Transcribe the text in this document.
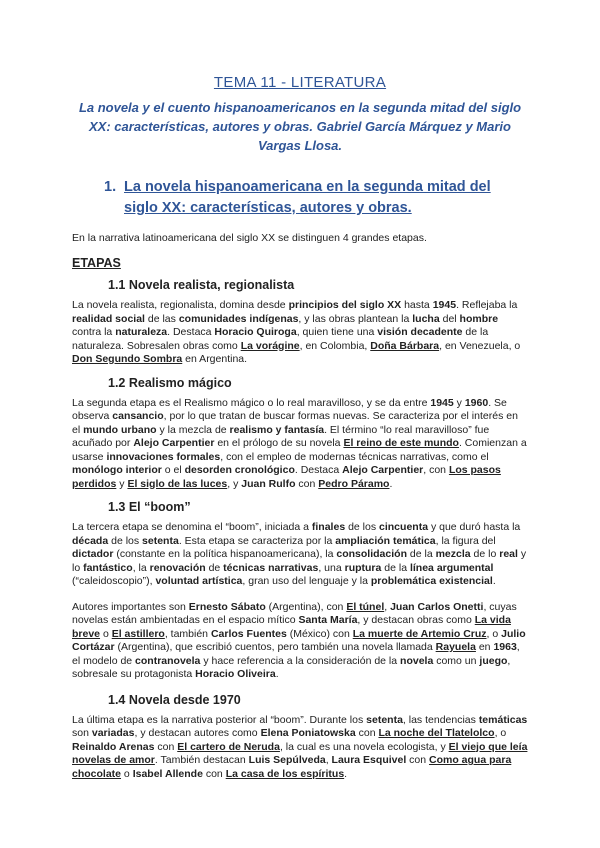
TEMA 11 - LITERATURA

La novela y el cuento hispanoamericanos en la segunda mitad del siglo XX: características, autores y obras. Gabriel García Márquez y Mario Vargas Llosa.

1. La novela hispanoamericana en la segunda mitad del siglo XX: características, autores y obras.

En la narrativa latinoamericana del siglo XX se distinguen 4 grandes etapas.

ETAPAS

1.1 Novela realista, regionalista

La novela realista, regionalista, domina desde principios del siglo XX hasta 1945. Reflejaba la realidad social de las comunidades indígenas, y las obras plantean la lucha del hombre contra la naturaleza. Destaca Horacio Quiroga, quien tiene una visión decadente de la naturaleza. Sobresalen obras como La vorágine, en Colombia, Doña Bárbara, en Venezuela, o Don Segundo Sombra en Argentina.

1.2 Realismo mágico

La segunda etapa es el Realismo mágico o lo real maravilloso, y se da entre 1945 y 1960. Se observa cansancio, por lo que tratan de buscar formas nuevas. Se caracteriza por el interés en el mundo urbano y la mezcla de realismo y fantasía. El término “lo real maravilloso” fue acuñado por Alejo Carpentier en el prólogo de su novela El reino de este mundo. Comienzan a usarse innovaciones formales, con el empleo de modernas técnicas narrativas, como el monólogo interior o el desorden cronológico. Destaca Alejo Carpentier, con Los pasos perdidos y El siglo de las luces, y Juan Rulfo con Pedro Páramo.

1.3 El “boom”

La tercera etapa se denomina el “boom”, iniciada a finales de los cincuenta y que duró hasta la década de los setenta. Esta etapa se caracteriza por la ampliación temática, la figura del dictador (constante en la política hispanoamericana), la consolidación de la mezcla de lo real y lo fantástico, la renovación de técnicas narrativas, una ruptura de la línea argumental (“caleidoscopio”), voluntad artística, gran uso del lenguaje y la problemática existencial.

Autores importantes son Ernesto Sábato (Argentina), con El túnel, Juan Carlos Onetti, cuyas novelas están ambientadas en el espacio mítico Santa María, y destacan obras como La vida breve o El astillero, también Carlos Fuentes (México) con La muerte de Artemio Cruz, o Julio Cortázar (Argentina), que escribió cuentos, pero también una novela llamada Rayuela en 1963, el modelo de contranovela y hace referencia a la consideración de la novela como un juego, sobresale su protagonista Horacio Oliveira.

1.4 Novela desde 1970

La última etapa es la narrativa posterior al “boom”. Durante los setenta, las tendencias temáticas son variadas, y destacan autores como Elena Poniatowska con La noche del Tlatelolco, o Reinaldo Arenas con El cartero de Neruda, la cual es una novela ecologista, y El viejo que leía novelas de amor. También destacan Luis Sepúlveda, Laura Esquivel con Como agua para chocolate o Isabel Allende con La casa de los espíritus.
